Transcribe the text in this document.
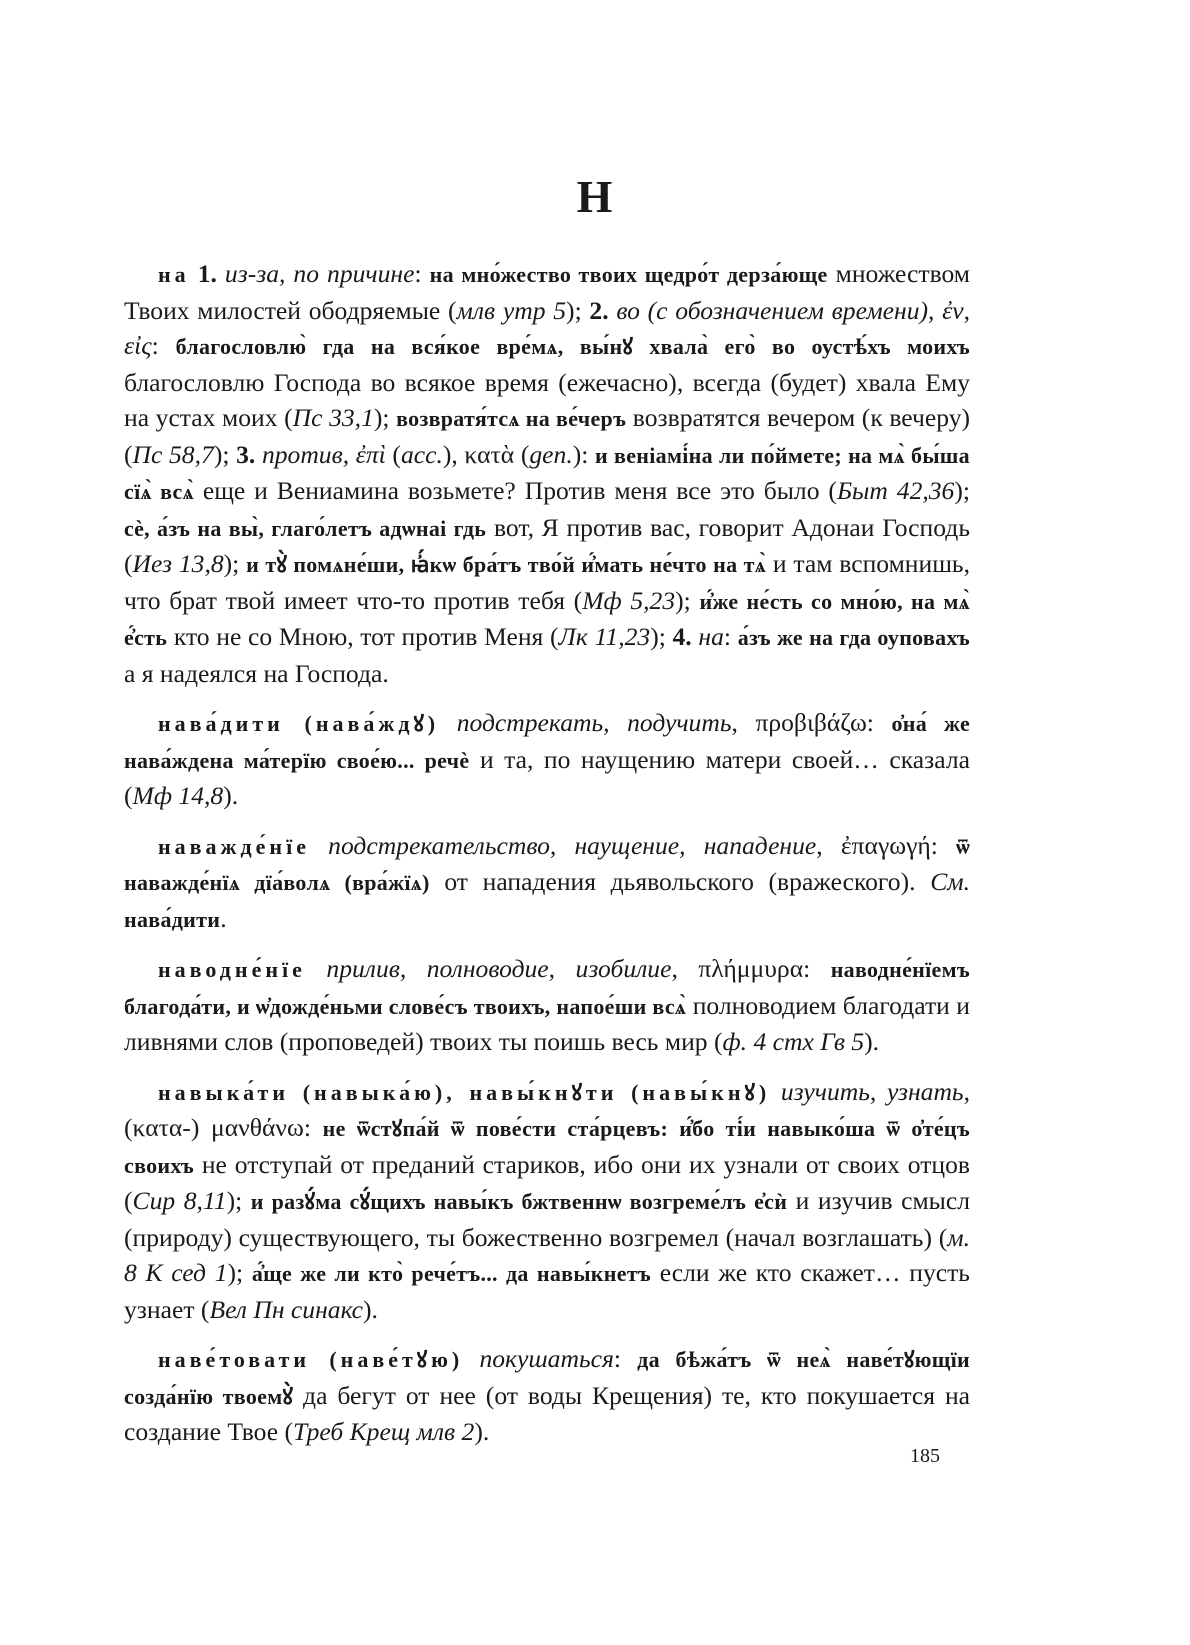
Н

на 1. из-за, по причине: на мно́жество твоих щедро́т дерза́юще множеством Твоих милостей ободряемые (млв утр 5); 2. во (с обозначением времени), ἐν, εἰς: благословлю̀ гда на вся́кое вре́мѧ, вы́нꙋ хвала̀ его̀ во оустѣ́хъ моихъ благословлю Господа во всякое время (ежечасно), всегда (будет) хвала Ему на устах моих (Пс 33,1); возвратя́тсѧ на ве́черъ возвратятся вечером (к вечеру) (Пс 58,7); 3. против, ἐπὶ (acc.), κατὰ (gen.): и веніамі́на ли по́ймете; на мѧ̀ бы́ша сїѧ̀ всѧ̀ еще и Вениамина возьмете? Против меня все это было (Быт 42,36); сѐ, а́зъ на вы̀, глаго́летъ адѡнаі гдь вот, Я против вас, говорит Адонаи Господь (Иез 13,8); и тꙋ̀ помѧне́ши, ꙗ҆́кѡ бра́тъ тво́й и҆́мать не́что на тѧ̀ и там вспомнишь, что брат твой имеет что-то против тебя (Мф 5,23); и҆́же не́сть со мно́ю, на мѧ̀ е҆́сть кто не со Мною, тот против Меня (Лк 11,23); 4. на: а́зъ же на гда оуповахъ а я надеялся на Господа.

нава́дити (нава́ждꙋ) подстрекать, подучить, προβιβάζω: о҆на́ же нава́ждена ма́терїю свое́ю... речѐ и та, по наущению матери своей… сказала (Мф 14,8).

наважде́нїе подстрекательство, наущение, нападение, ἐπαγωγή: ѿ наважде́нїѧ дїа́волѧ (вра́жїѧ) от нападения дьявольского (вражеского). См. нава́дити.

наводне́нїе прилив, полноводие, изобилие, πλήμμυρα: наводне́нїемъ благода́ти, и ѡ҆дожде́ньми слове́съ твоихъ, напое́ши всѧ̀ полноводием благодати и ливнями слов (проповедей) твоих ты поишь весь мир (ф. 4 стх Гв 5).

навыка́ти (навыка́ю), навы́кнꙋти (навы́кнꙋ) изучить, узнать, (κατα-) μανθάνω: не ѿстꙋпа́й ѿ пове́сти ста́рцевъ: и҆́бо ті́и навыко́ша ѿ о҆те́цъ своихъ не отступай от преданий стариков, ибо они их узнали от своих отцов (Сир 8,11); и разꙋ́ма сꙋ́щихъ навы́къ бжтвеннѡ возгреме́лъ е҆сѝ и изучив смысл (природу) существующего, ты божественно возгремел (начал возглашать) (м. 8 К сед 1); а҆́ще же ли кто̀ рече́тъ... да навы́кнетъ если же кто скажет… пусть узнает (Вел Пн синакс).

наве́товати (наве́тꙋю) покушаться: да бѣжа́тъ ѿ неѧ̀ наве́тꙋющїи созда́нїю твоемꙋ̀ да бегут от нее (от воды Крещения) те, кто покушается на создание Твое (Треб Крещ млв 2).

185
